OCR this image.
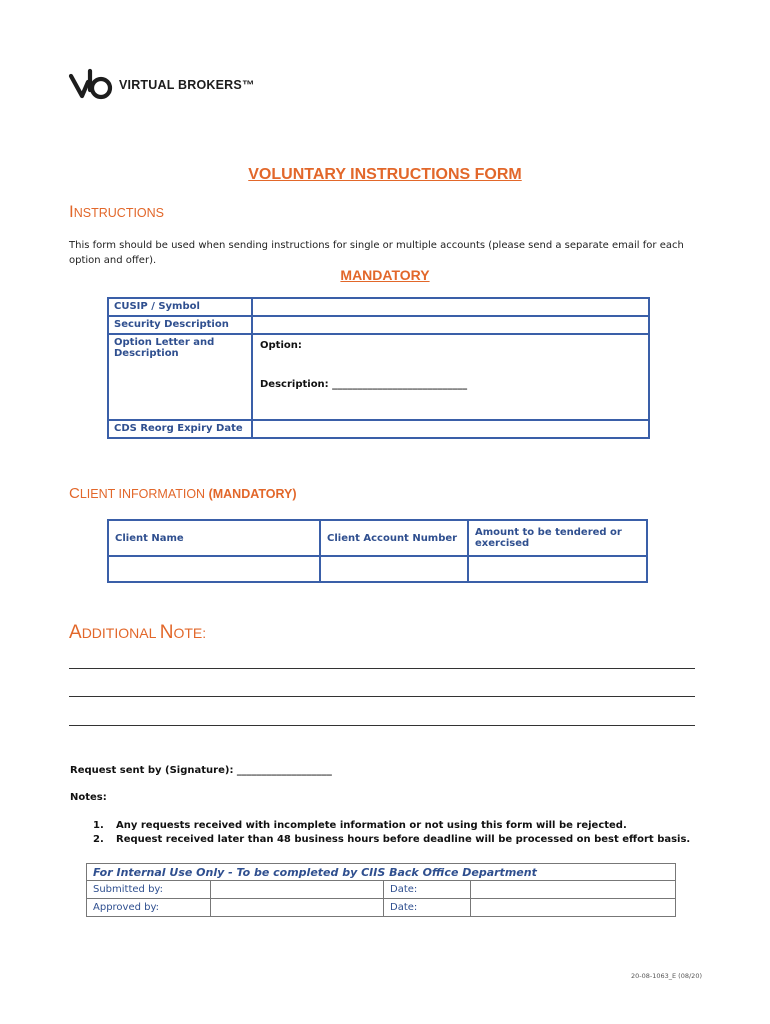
VIRTUAL BROKERS™
VOLUNTARY INSTRUCTIONS FORM
INSTRUCTIONS
This form should be used when sending instructions for single or multiple accounts (please send a separate email for each option and offer).
MANDATORY
CUSIP / Symbol	
Security Description	
Option Letter and Description	Option:
Description: ___________________________

CDS Reorg Expiry Date	
CLIENT INFORMATION (MANDATORY)
Client Name	Client Account Number	Amount to be tendered or exercised

ADDITIONAL NOTE:
Request sent by (Signature): ___________________
Notes:
1. Any requests received with incomplete information or not using this form will be rejected.
2. Request received later than 48 business hours before deadline will be processed on best effort basis.
For Internal Use Only - To be completed by CIIS Back Office Department			
Submitted by:		Date:	
Approved by:		Date:	
20-08-1063_E (08/20)
